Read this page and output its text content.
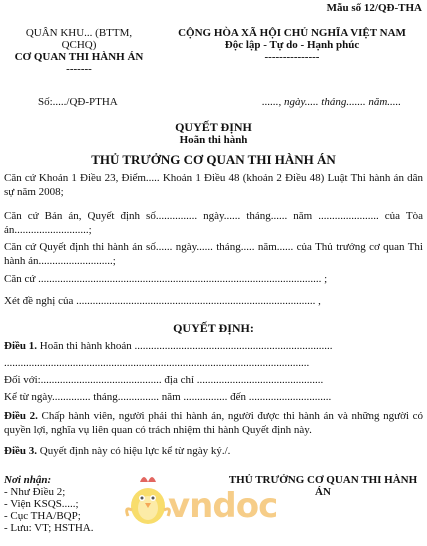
Mẫu số 12/QĐ-THA
QUÂN KHU... (BTTM,
QCHQ)
CƠ QUAN THI HÀNH ÁN
-------
CỘNG HÒA XÃ HỘI CHỦ NGHĨA VIỆT NAM
Độc lập - Tự do - Hạnh phúc
---------------
Số:...../QĐ-PTHA	......, ngày..... tháng....... năm.....
QUYẾT ĐỊNH
Hoãn thi hành
THỦ TRƯỞNG CƠ QUAN THI HÀNH ÁN
Căn cứ Khoản 1 Điều 23, Điểm..... Khoản 1 Điều 48 (khoản 2 Điều 48) Luật Thi hành án dân sự năm 2008;
Căn cứ Bản án, Quyết định số............... ngày...... tháng...... năm ...................... của Tòa án...........................;
Căn cứ Quyết định thi hành án số...... ngày...... tháng..... năm...... của Thủ trưởng cơ quan Thi hành án...........................;
Căn cứ ....................................................................................................... ;
Xét đề nghị của ....................................................................................... ,
QUYẾT ĐỊNH:
Điều 1. Hoãn thi hành khoản ........................................................................
...............................................................................................................
Đối với:............................................ địa chỉ ..............................................
Kể từ ngày.............. tháng............... năm ................ đến ..............................
Điều 2. Chấp hành viên, người phải thi hành án, người được thi hành án và những người có quyền lợi, nghĩa vụ liên quan có trách nhiệm thi hành Quyết định này.
Điều 3. Quyết định này có hiệu lực kể từ ngày ký./.
vndoc
Nơi nhận:
- Như Điều 2;
- Viện KSQS.....;
- Cục THA/BQP;
- Lưu: VT; HSTHA.
THỦ TRƯỞNG CƠ QUAN THI HÀNH ÁN
